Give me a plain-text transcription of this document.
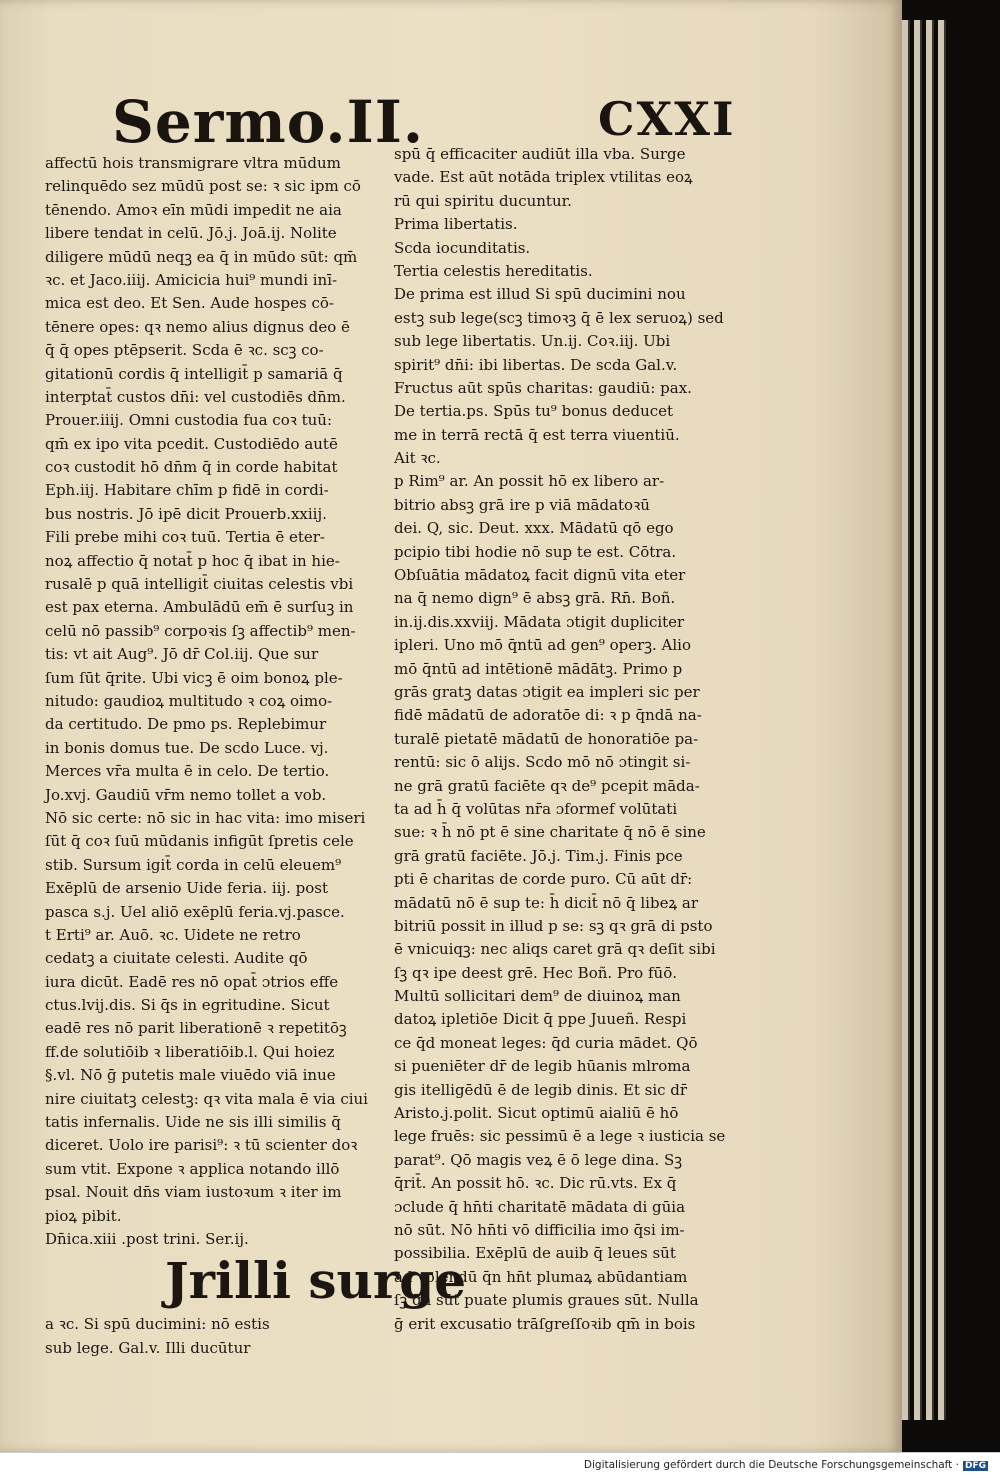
Sermo.II.	CXXI
affectū hois transmigrare vltra mūdum
relinquēdo sez mūdū post se: ꝛ sic ipm cō
tēnendo. Amoꝛ eīn mūdi impedit ne aia
libere tendat in celū. Jō.j. Joā.ij. Nolite
diligere mūdū neqꝫ ea q̄ in mūdo sūt: qm̄
ꝛc. et Jaco.iiij. Amiciciа hui⁹ mundi inī-
mica est deo. Et Sen. Aude hospes cō-
tēnere opes: qꝛ nemo alius dignus deo ē
q̄ q̄ opes ptēpserit. Scda ē ꝛc. scꝫ co-
gitationū cordis q̄ intelligit̄ p samariā q̄
interptat̄ custos dn̄i: vel custodiēs dn̄m.
Prouer.iiij. Omni custodia fua coꝛ tuū:
qm̄ ex ipo vita pcedit. Custodiēdo autē
coꝛ custodit hō dn̄m q̄ in corde habitat
Eph.iij. Habitare chīm p fidē in cordi-
bus nostris. Jō ipē dicit Prouerb.xxiij.
Fili prebe mihi coꝛ tuū. Tertia ē eter-
noꝝ affectio q̄ notat̄ p hoc q̄ ibat in hie-
rusalē p quā intelligit̄ ciuitas celestis vbi
est pax eterna. Ambulādū em̄ ē surſuꝫ in
celū nō passib⁹ corpoꝛis ſꝫ affectib⁹ men-
tis: vt ait Aug⁹. Jō dr̄ Col.iij. Que sur
ſum ſūt q̄rite. Ubi vicꝫ ē oim bonoꝝ ple-
nitudo: gaudioꝝ multitudo ꝛ coꝝ oimo-
da certitudo. De pmo ps. Replebimur
in bonis domus tue. De scdo Luce. vj.
Merces vr̄a multa ē in celo. De tertio.
Jo.xvj. Gaudiū vr̄m nemo tollet a vob.
Nō sic certe: nō sic in hac vita: imo miseri
ſūt q̄ coꝛ ſuū mūdanis infigūt ſpretis cele
stib. Sursum igit̄ corda in celū eleuem⁹
Exēplū de arsenio Uide feria. iij. post
pasca s.j. Uel aliō exēplū feria.vj.pasce.
t Erti⁹ ar. Auō. ꝛc. Uidete ne retro
cedatꝫ a ciuitate celesti. Audite qō
iura dicūt. Eadē res nō opat̄ ɔtrios effe
ctus.lvij.dis. Si q̄s in egritudine. Sicut
eadē res nō parit liberationē ꝛ repetitōꝫ
ff.de solutiōib ꝛ liberatiōib.l. Qui hoiez
§.vl. Nō ḡ putetis male viuēdo viā inue
nire ciuitatꝫ celestꝫ: qꝛ vita mala ē via ciui
tatis infernalis. Uide ne sis illi similis q̄
diceret. Uolo ire parisi⁹: ꝛ tū scienter doꝛ
sum vtit. Expone ꝛ applica notando illō
psal. Nouit dn̄s viam iustoꝛum ꝛ iter im
pioꝝ pibit.
Dn̄ica.xiii .post trini. Ser.ij.
Jrilli surge
a ꝛc. Si spū ducimini: nō estis
sub lege. Gal.v. Illi ducūtur
spū q̄ efficaciter audiūt illa vba. Surge
vade. Est aūt notāda triplex vtilitas eoꝝ
rū qui spiritu ducuntur.
Prima libertatis.
Scda iocunditatis.
Tertia celestis hereditatis.
De prima est illud Si spū ducimini nou
estꝫ sub lege(scꝫ timoꝛꝫ q̄ ē lex seruoꝝ) sed
sub lege libertatis. Un.ij. Coꝛ.iij. Ubi
spirit⁹ dn̄i: ibi libertas. De scda Gal.v.
Fructus aūt spūs charitas: gaudiū: pax.
De tertia.ps. Spūs tu⁹ bonus deducet
me in terrā rectā q̄ est terra viuentiū.
Ait ꝛc.
p Rim⁹ ar. An possit hō ex libero ar-
bitrio absꝫ grā ire p viā mādatoꝛū
dei. Q, sic. Deut. xxx. Mādatū qō ego
pcipio tibi hodie nō sup te est. Cōtra.
Obſuātia mādatoꝝ facit dignū vita eter
na q̄ nemo dign⁹ ē absꝫ grā. Rn̄. Boñ.
in.ij.dis.xxviij. Mādata ɔtigit dupliciter
ipleri. Uno mō q̄ntū ad gen⁹ operꝫ. Alio
mō q̄ntū ad intētionē mādātꝫ. Primo p
grās gratꝫ datas ɔtigit ea impleri sic per
fidē mādatū de adoratōe di: ꝛ p q̄ndā na-
turalē pietatē mādatū de honoratiōe pa-
rentū: sic ō alijs. Scdo mō nō ɔtingit si-
ne grā gratū faciēte qꝛ de⁹ pcepit māda-
ta ad h̄ q̄ volūtas nr̄a ɔformef volūtati
sue: ꝛ h̄ nō pt ē sine charitate q̄ nō ē sine
grā gratū faciēte. Jō.j. Tim.j. Finis pce
pti ē charitas de corde puro. Cū aūt dr̄:
mādatū nō ē sup te: h̄ dicit̄ nō q̄ libeꝝ ar
bitriū possit in illud p se: sꝫ qꝛ grā di psto
ē vnicuiqꝫ: nec aliqs caret grā qꝛ deſit sibi
ſꝫ qꝛ ipe deest grē. Hec Boñ. Pro fūō.
Multū sollicitari dem⁹ de diuinoꝝ man
datoꝝ ipletiōe Dicit q̄ ppe Juueñ. Respi
ce q̄d moneat leges: q̄d curia mādet. Qō
si pueniēter dr̄ de legib hūanis mlroma
gis itelligēdū ē de legib dinis. Et sic dr̄
Aristo.j.polit. Sicut optimū aialiū ē hō
lege fruēs: sic pessimū ē a lege ꝛ iusticia se
parat⁹. Qō magis veꝝ ē ō lege dina. Sꝫ
q̄rit̄. An possit hō. ꝛc. Dic rū.vts. Ex q̄
ɔclude q̄ hn̄ti charitatē mādata di gūia
nō sūt. Nō hn̄ti vō difficilia imo q̄si im-
possibilia. Exēplū de auib q̄ leues sūt
ad volendū q̄n hn̄t plumaꝝ abūdantiam
ſꝫ q̄n sūt puate plumis graues sūt. Nulla
ḡ erit excusatio trāſgreſſoꝛib qm̄ in bois
Digitalisierung gefördert durch die Deutsche Forschungsgemeinschaft · DFG
